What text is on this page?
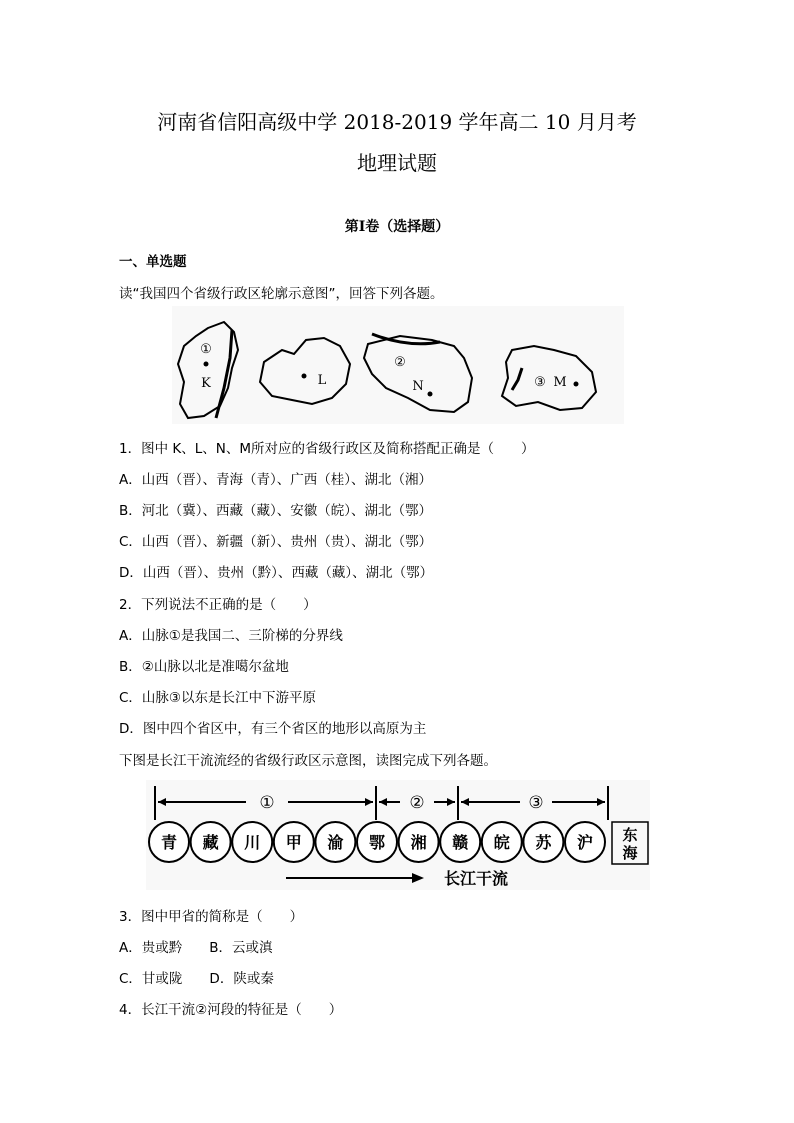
河南省信阳高级中学 2018-2019 学年高二 10 月月考
地理试题
第Ⅰ卷（选择题）
一、单选题
读“我国四个省级行政区轮廓示意图”，回答下列各题。
①
K	L
②
N	③ M
1．图中 K、L、N、M所对应的省级行政区及简称搭配正确是（　　）
A．山西（晋）、青海（青）、广西（桂）、湖北（湘）
B．河北（冀）、西藏（藏）、安徽（皖）、湖北（鄂）
C．山西（晋）、新疆（新）、贵州（贵）、湖北（鄂）
D．山西（晋）、贵州（黔）、西藏（藏）、湖北（鄂）
2．下列说法不正确的是（　　）
A．山脉①是我国二、三阶梯的分界线
B．②山脉以北是准噶尔盆地
C．山脉③以东是长江中下游平原
D．图中四个省区中，有三个省区的地形以高原为主
下图是长江干流流经的省级行政区示意图，读图完成下列各题。
①	②	③
青 藏 川 甲 渝 鄂 湘 赣 皖 苏 沪 东
海
长江干流
3．图中甲省的简称是（　　）
A．贵或黔　　B．云或滇
C．甘或陇　　D．陕或秦
4．长江干流②河段的特征是（　　）
